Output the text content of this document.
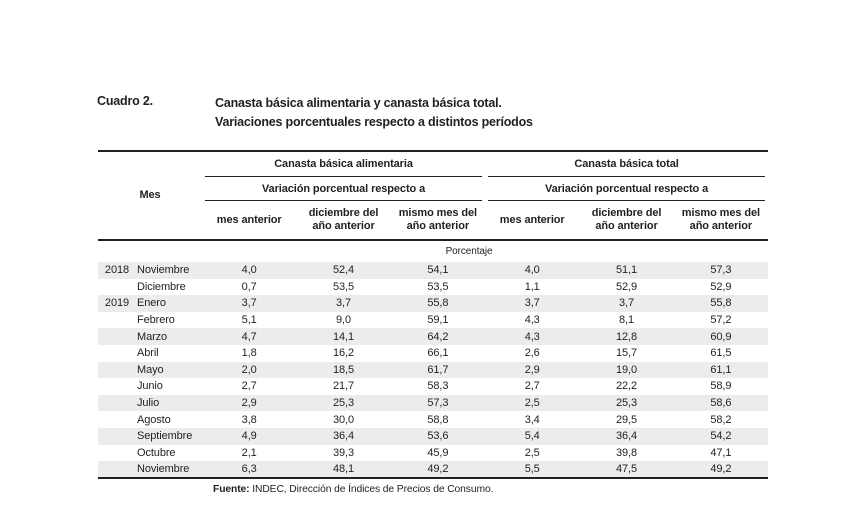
Cuadro 2.	Canasta básica alimentaria y canasta básica total.
Variaciones porcentuales respecto a distintos períodos
Mes		Canasta básica alimentaria			Canasta básica total		
		Variación porcentual respecto a			Variación porcentual respecto a		
		mes anterior	diciembre del año anterior	mismo mes del año anterior	mes anterior	diciembre del año anterior	mismo mes del año anterior
Porcentaje							
2018	Noviembre	4,0	52,4	54,1	4,0	51,1	57,3
	Diciembre	0,7	53,5	53,5	1,1	52,9	52,9
2019	Enero	3,7	3,7	55,8	3,7	3,7	55,8
	Febrero	5,1	9,0	59,1	4,3	8,1	57,2
	Marzo	4,7	14,1	64,2	4,3	12,8	60,9
	Abril	1,8	16,2	66,1	2,6	15,7	61,5
	Mayo	2,0	18,5	61,7	2,9	19,0	61,1
	Junio	2,7	21,7	58,3	2,7	22,2	58,9
	Julio	2,9	25,3	57,3	2,5	25,3	58,6
	Agosto	3,8	30,0	58,8	3,4	29,5	58,2
	Septiembre	4,9	36,4	53,6	5,4	36,4	54,2
	Octubre	2,1	39,3	45,9	2,5	39,8	47,1
	Noviembre	6,3	48,1	49,2	5,5	47,5	49,2
Fuente: INDEC, Dirección de Índices de Precios de Consumo.
